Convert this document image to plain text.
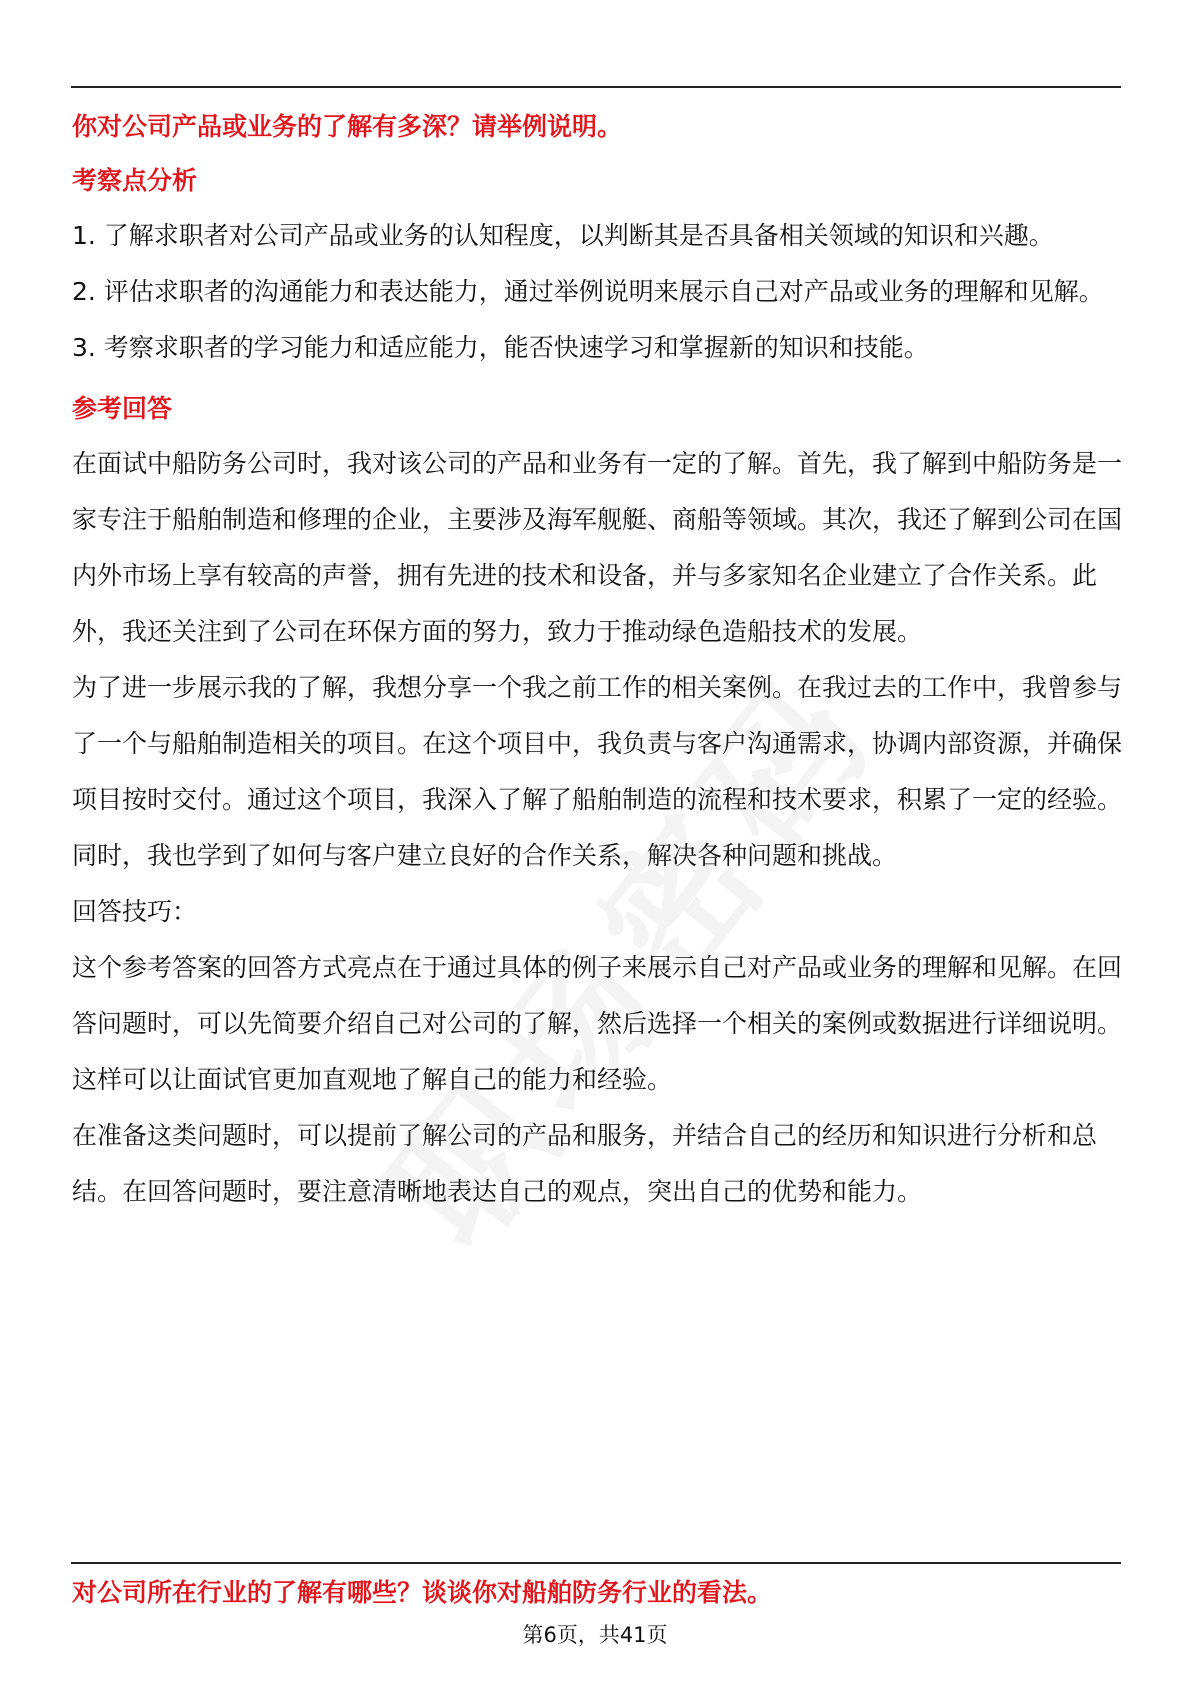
你对公司产品或业务的了解有多深？请举例说明。

考察点分析

1. 了解求职者对公司产品或业务的认知程度，以判断其是否具备相关领域的知识和兴趣。

2. 评估求职者的沟通能力和表达能力，通过举例说明来展示自己对产品或业务的理解和见解。

3. 考察求职者的学习能力和适应能力，能否快速学习和掌握新的知识和技能。

参考回答

在面试中船防务公司时，我对该公司的产品和业务有一定的了解。首先，我了解到中船防务是一家专注于船舶制造和修理的企业，主要涉及海军舰艇、商船等领域。其次，我还了解到公司在国内外市场上享有较高的声誉，拥有先进的技术和设备，并与多家知名企业建立了合作关系。此外，我还关注到了公司在环保方面的努力，致力于推动绿色造船技术的发展。

为了进一步展示我的了解，我想分享一个我之前工作的相关案例。在我过去的工作中，我曾参与了一个与船舶制造相关的项目。在这个项目中，我负责与客户沟通需求，协调内部资源，并确保项目按时交付。通过这个项目，我深入了解了船舶制造的流程和技术要求，积累了一定的经验。同时，我也学到了如何与客户建立良好的合作关系，解决各种问题和挑战。

回答技巧：

这个参考答案的回答方式亮点在于通过具体的例子来展示自己对产品或业务的理解和见解。在回答问题时，可以先简要介绍自己对公司的了解，然后选择一个相关的案例或数据进行详细说明。这样可以让面试官更加直观地了解自己的能力和经验。

在准备这类问题时，可以提前了解公司的产品和服务，并结合自己的经历和知识进行分析和总结。在回答问题时，要注意清晰地表达自己的观点，突出自己的优势和能力。

对公司所在行业的了解有哪些？谈谈你对船舶防务行业的看法。

第6页，共41页
